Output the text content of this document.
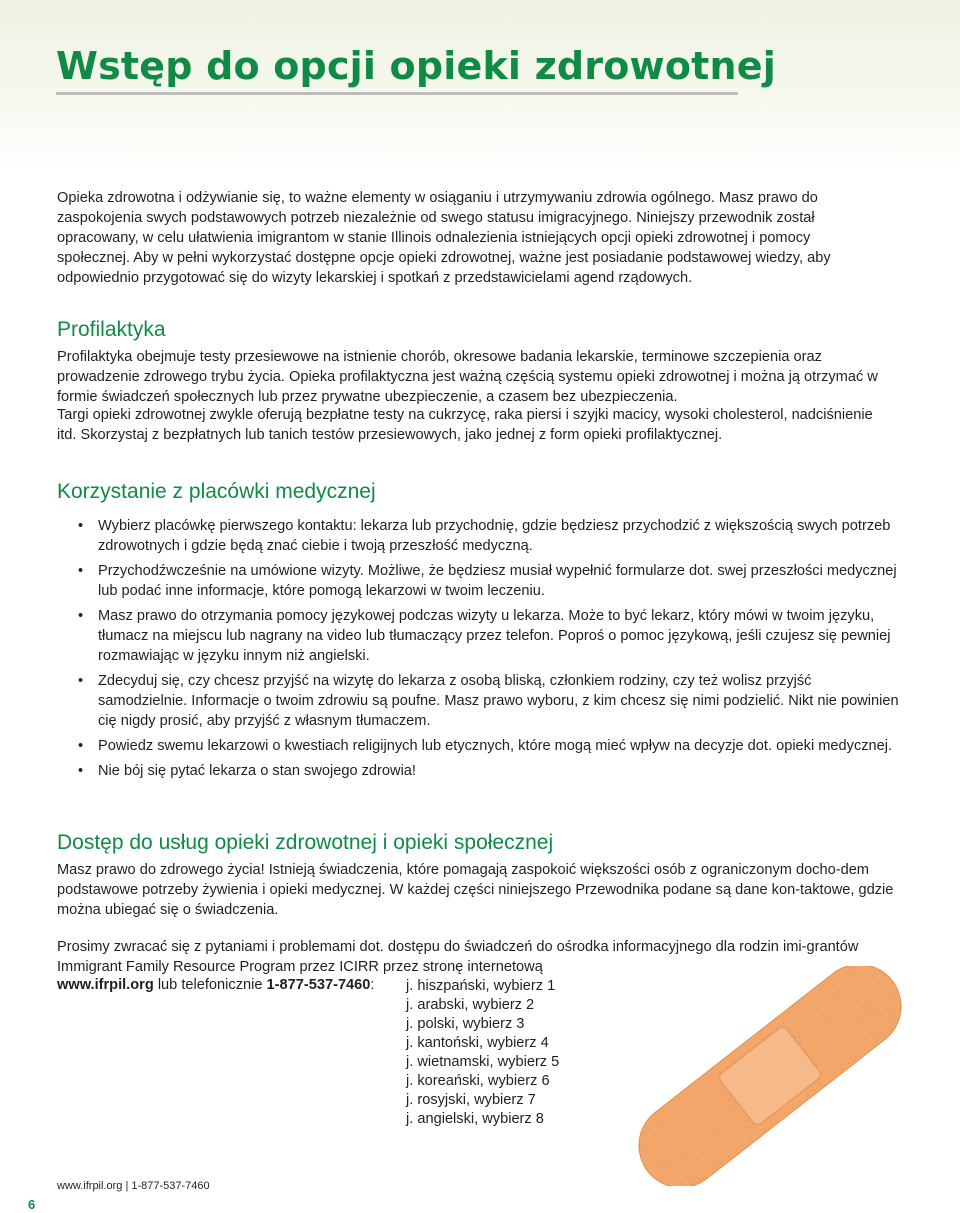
Wstęp do opcji opieki zdrowotnej

Opieka zdrowotna i odżywianie się, to ważne elementy w osiąganiu i utrzymywaniu zdrowia ogólnego. Masz prawo do zaspokojenia swych podstawowych potrzeb niezależnie od swego statusu imigracyjnego. Niniejszy przewodnik został opracowany, w celu ułatwienia imigrantom w stanie Illinois odnalezienia istniejących opcji opieki zdrowotnej i pomocy społecznej. Aby w pełni wykorzystać dostępne opcje opieki zdrowotnej, ważne jest posiadanie podstawowej wiedzy, aby odpowiednio przygotować się do wizyty lekarskiej i spotkań z przedstawicielami agend rządowych.

Profilaktyka

Profilaktyka obejmuje testy przesiewowe na istnienie chorób, okresowe badania lekarskie, terminowe szczepienia oraz prowadzenie zdrowego trybu życia. Opieka profilaktyczna jest ważną częścią systemu opieki zdrowotnej i można ją otrzymać w formie świadczeń społecznych lub przez prywatne ubezpieczenie, a czasem bez ubezpieczenia.

Targi opieki zdrowotnej zwykle oferują bezpłatne testy na cukrzycę, raka piersi i szyjki macicy, wysoki cholesterol, nadciśnienie itd. Skorzystaj z bezpłatnych lub tanich testów przesiewowych, jako jednej z form opieki profilaktycznej.

Korzystanie z placówki medycznej
• Wybierz placówkę pierwszego kontaktu: lekarza lub przychodnię, gdzie będziesz przychodzić z większością swych potrzeb zdrowotnych i gdzie będą znać ciebie i twoją przeszłość medyczną.
• Przychodźwcześnie na umówione wizyty. Możliwe, że będziesz musiał wypełnić formularze dot. swej przeszłości medycznej lub podać inne informacje, które pomogą lekarzowi w twoim leczeniu.
• Masz prawo do otrzymania pomocy językowej podczas wizyty u lekarza. Może to być lekarz, który mówi w twoim języku, tłumacz na miejscu lub nagrany na video lub tłumaczący przez telefon. Poproś o pomoc językową, jeśli czujesz się pewniej rozmawiając w języku innym niż angielski.
• Zdecyduj się, czy chcesz przyjść na wizytę do lekarza z osobą bliską, członkiem rodziny, czy też wolisz przyjść samodzielnie. Informacje o twoim zdrowiu są poufne. Masz prawo wyboru, z kim chcesz się nimi podzielić. Nikt nie powinien cię nigdy prosić, aby przyjść z własnym tłumaczem.
• Powiedz swemu lekarzowi o kwestiach religijnych lub etycznych, które mogą mieć wpływ na decyzje dot. opieki medycznej.
• Nie bój się pytać lekarza o stan swojego zdrowia!
Dostęp do usług opieki zdrowotnej i opieki społecznej

Masz prawo do zdrowego życia! Istnieją świadczenia, które pomagają zaspokoić większości osób z ograniczonym docho-dem podstawowe potrzeby żywienia i opieki medycznej. W każdej części niniejszego Przewodnika podane są dane kon-taktowe, gdzie można ubiegać się o świadczenia.

Prosimy zwracać się z pytaniami i problemami dot. dostępu do świadczeń do ośrodka informacyjnego dla rodzin imi-grantów Immigrant Family Resource Program przez ICIRR przez stronę internetową

www.ifrpil.org lub telefonicznie 1-877-537-7460: j. hiszpański, wybierz 1
j. arabski, wybierz 2
j. polski, wybierz 3
j. kantoński, wybierz 4
j. wietnamski, wybierz 5
j. koreański, wybierz 6
j. rosyjski, wybierz 7
j. angielski, wybierz 8
www.ifrpil.org | 1-877-537-7460
6
